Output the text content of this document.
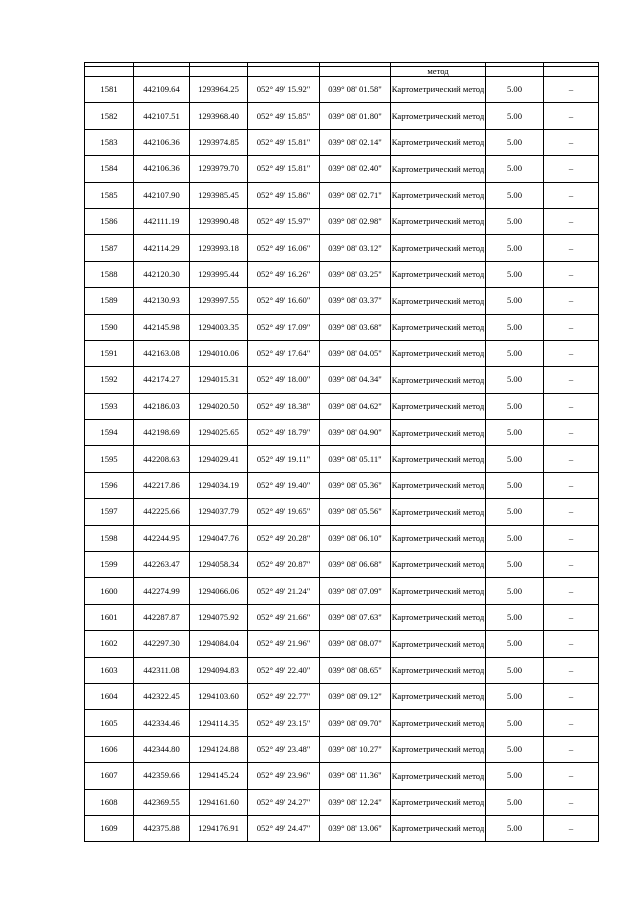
					метод		
1581	442109.64	1293964.25	052° 49' 15.92"	039° 08' 01.58"	Картометрический метод	5.00	–
1582	442107.51	1293968.40	052° 49' 15.85"	039° 08' 01.80"	Картометрический метод	5.00	–
1583	442106.36	1293974.85	052° 49' 15.81"	039° 08' 02.14"	Картометрический метод	5.00	–
1584	442106.36	1293979.70	052° 49' 15.81"	039° 08' 02.40"	Картометрический метод	5.00	–
1585	442107.90	1293985.45	052° 49' 15.86"	039° 08' 02.71"	Картометрический метод	5.00	–
1586	442111.19	1293990.48	052° 49' 15.97"	039° 08' 02.98"	Картометрический метод	5.00	–
1587	442114.29	1293993.18	052° 49' 16.06"	039° 08' 03.12"	Картометрический метод	5.00	–
1588	442120.30	1293995.44	052° 49' 16.26"	039° 08' 03.25"	Картометрический метод	5.00	–
1589	442130.93	1293997.55	052° 49' 16.60"	039° 08' 03.37"	Картометрический метод	5.00	–
1590	442145.98	1294003.35	052° 49' 17.09"	039° 08' 03.68"	Картометрический метод	5.00	–
1591	442163.08	1294010.06	052° 49' 17.64"	039° 08' 04.05"	Картометрический метод	5.00	–
1592	442174.27	1294015.31	052° 49' 18.00"	039° 08' 04.34"	Картометрический метод	5.00	–
1593	442186.03	1294020.50	052° 49' 18.38"	039° 08' 04.62"	Картометрический метод	5.00	–
1594	442198.69	1294025.65	052° 49' 18.79"	039° 08' 04.90"	Картометрический метод	5.00	–
1595	442208.63	1294029.41	052° 49' 19.11"	039° 08' 05.11"	Картометрический метод	5.00	–
1596	442217.86	1294034.19	052° 49' 19.40"	039° 08' 05.36"	Картометрический метод	5.00	–
1597	442225.66	1294037.79	052° 49' 19.65"	039° 08' 05.56"	Картометрический метод	5.00	–
1598	442244.95	1294047.76	052° 49' 20.28"	039° 08' 06.10"	Картометрический метод	5.00	–
1599	442263.47	1294058.34	052° 49' 20.87"	039° 08' 06.68"	Картометрический метод	5.00	–
1600	442274.99	1294066.06	052° 49' 21.24"	039° 08' 07.09"	Картометрический метод	5.00	–
1601	442287.87	1294075.92	052° 49' 21.66"	039° 08' 07.63"	Картометрический метод	5.00	–
1602	442297.30	1294084.04	052° 49' 21.96"	039° 08' 08.07"	Картометрический метод	5.00	–
1603	442311.08	1294094.83	052° 49' 22.40"	039° 08' 08.65"	Картометрический метод	5.00	–
1604	442322.45	1294103.60	052° 49' 22.77"	039° 08' 09.12"	Картометрический метод	5.00	–
1605	442334.46	1294114.35	052° 49' 23.15"	039° 08' 09.70"	Картометрический метод	5.00	–
1606	442344.80	1294124.88	052° 49' 23.48"	039° 08' 10.27"	Картометрический метод	5.00	–
1607	442359.66	1294145.24	052° 49' 23.96"	039° 08' 11.36"	Картометрический метод	5.00	–
1608	442369.55	1294161.60	052° 49' 24.27"	039° 08' 12.24"	Картометрический метод	5.00	–
1609	442375.88	1294176.91	052° 49' 24.47"	039° 08' 13.06"	Картометрический метод	5.00	–
